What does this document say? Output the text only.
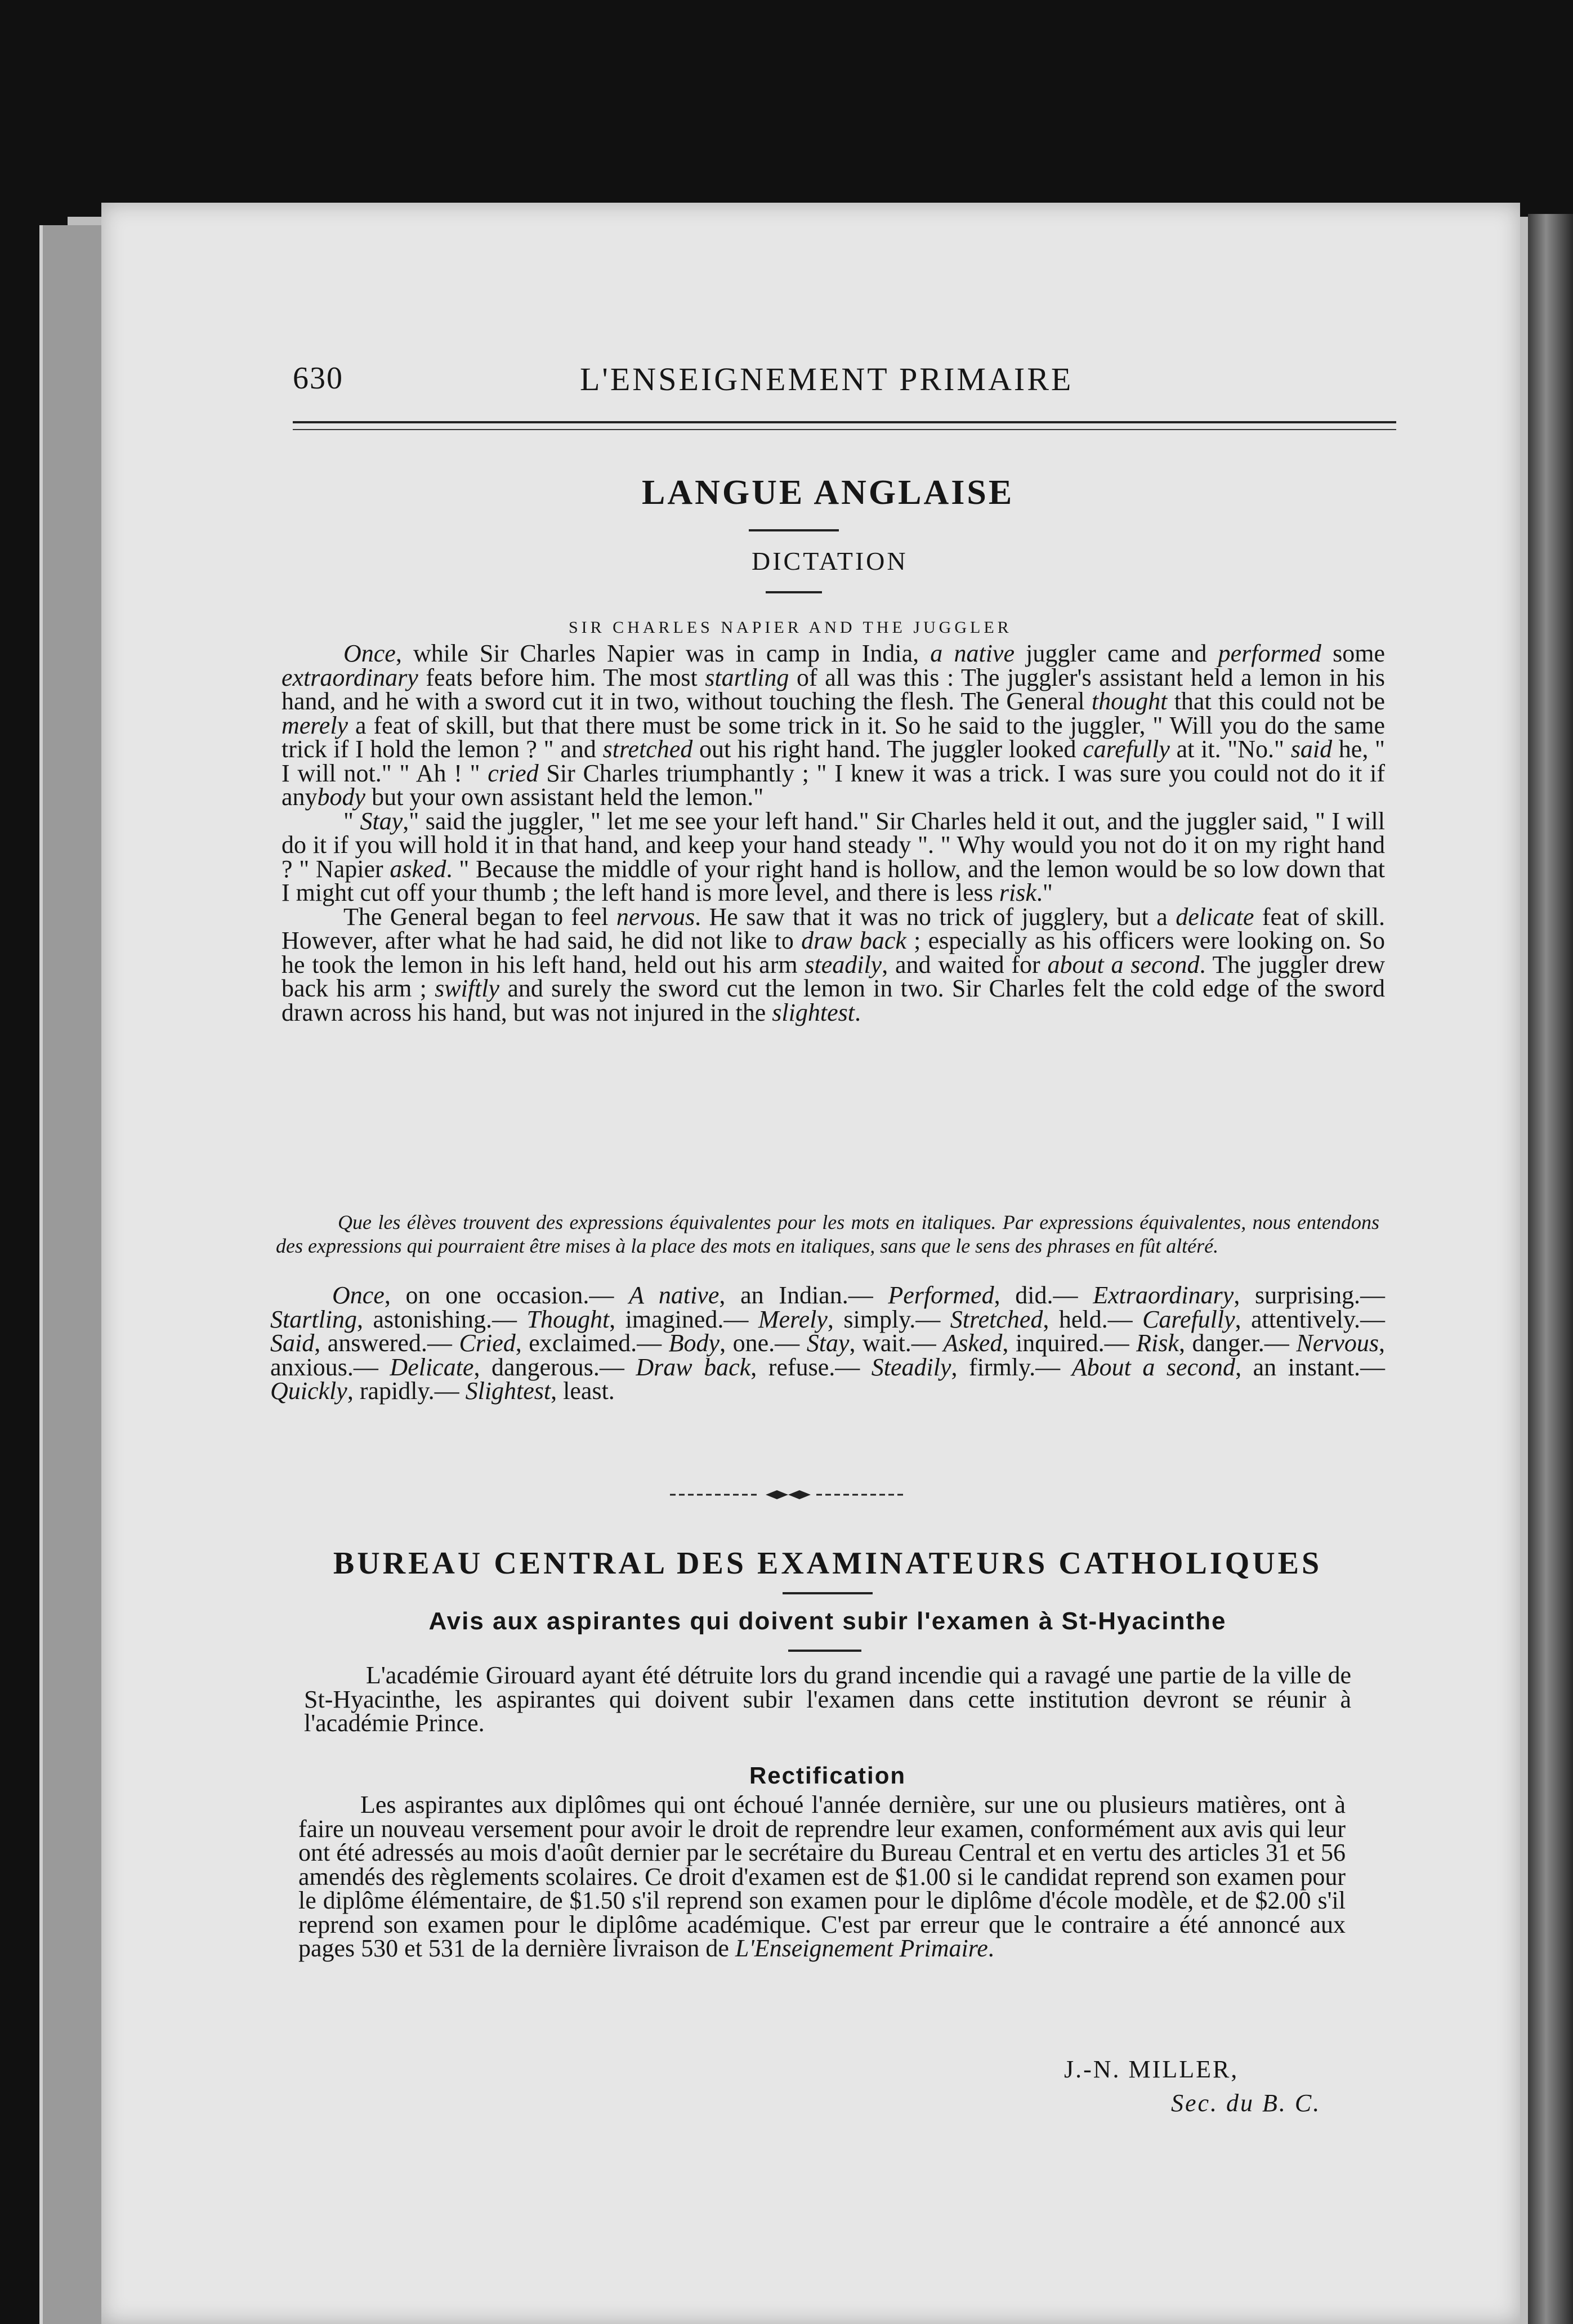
630	L'ENSEIGNEMENT PRIMAIRE
LANGUE ANGLAISE
DICTATION
SIR CHARLES NAPIER AND THE JUGGLER

Once, while Sir Charles Napier was in camp in India, a native juggler came and performed some extraordinary feats before him. The most startling of all was this : The juggler's assistant held a lemon in his hand, and he with a sword cut it in two, without touching the flesh. The General thought that this could not be merely a feat of skill, but that there must be some trick in it. So he said to the juggler, " Will you do the same trick if I hold the lemon ? " and stretched out his right hand. The juggler looked carefully at it. "No." said he, " I will not." " Ah ! " cried Sir Charles triumphantly ; " I knew it was a trick. I was sure you could not do it if anybody but your own assistant held the lemon."

" Stay," said the juggler, " let me see your left hand." Sir Charles held it out, and the juggler said, " I will do it if you will hold it in that hand, and keep your hand steady ". " Why would you not do it on my right hand ? " Napier asked. " Because the middle of your right hand is hollow, and the lemon would be so low down that I might cut off your thumb ; the left hand is more level, and there is less risk."

The General began to feel nervous. He saw that it was no trick of jugglery, but a delicate feat of skill. However, after what he had said, he did not like to draw back ; especially as his officers were looking on. So he took the lemon in his left hand, held out his arm steadily, and waited for about a second. The juggler drew back his arm ; swiftly and surely the sword cut the lemon in two. Sir Charles felt the cold edge of the sword drawn across his hand, but was not injured in the slightest.

Que les élèves trouvent des expressions équivalentes pour les mots en italiques. Par expressions équivalentes, nous entendons des expressions qui pourraient être mises à la place des mots en italiques, sans que le sens des phrases en fût altéré.
Once, on one occasion.— A native, an Indian.— Performed, did.— Extraordinary, surprising.— Startling, astonishing.— Thought, imagined.— Merely, simply.— Stretched, held.— Carefully, attentively.— Said, answered.— Cried, exclaimed.— Body, one.— Stay, wait.— Asked, inquired.— Risk, danger.— Nervous, anxious.— Delicate, dangerous.— Draw back, refuse.— Steadily, firmly.— About a second, an instant.— Quickly, rapidly.— Slightest, least.
BUREAU CENTRAL DES EXAMINATEURS CATHOLIQUES
Avis aux aspirantes qui doivent subir l'examen à St-Hyacinthe
L'académie Girouard ayant été détruite lors du grand incendie qui a ravagé une partie de la ville de St-Hyacinthe, les aspirantes qui doivent subir l'examen dans cette institution devront se réunir à l'académie Prince.
Rectification
Les aspirantes aux diplômes qui ont échoué l'année dernière, sur une ou plusieurs matières, ont à faire un nouveau versement pour avoir le droit de reprendre leur examen, conformément aux avis qui leur ont été adressés au mois d'août dernier par le secrétaire du Bureau Central et en vertu des articles 31 et 56 amendés des règlements scolaires. Ce droit d'examen est de $1.00 si le candidat reprend son examen pour le diplôme élémentaire, de $1.50 s'il reprend son examen pour le diplôme d'école modèle, et de $2.00 s'il reprend son examen pour le diplôme académique. C'est par erreur que le contraire a été annoncé aux pages 530 et 531 de la dernière livraison de L'Enseignement Primaire.
J.-N. MILLER,
Sec. du B. C.
